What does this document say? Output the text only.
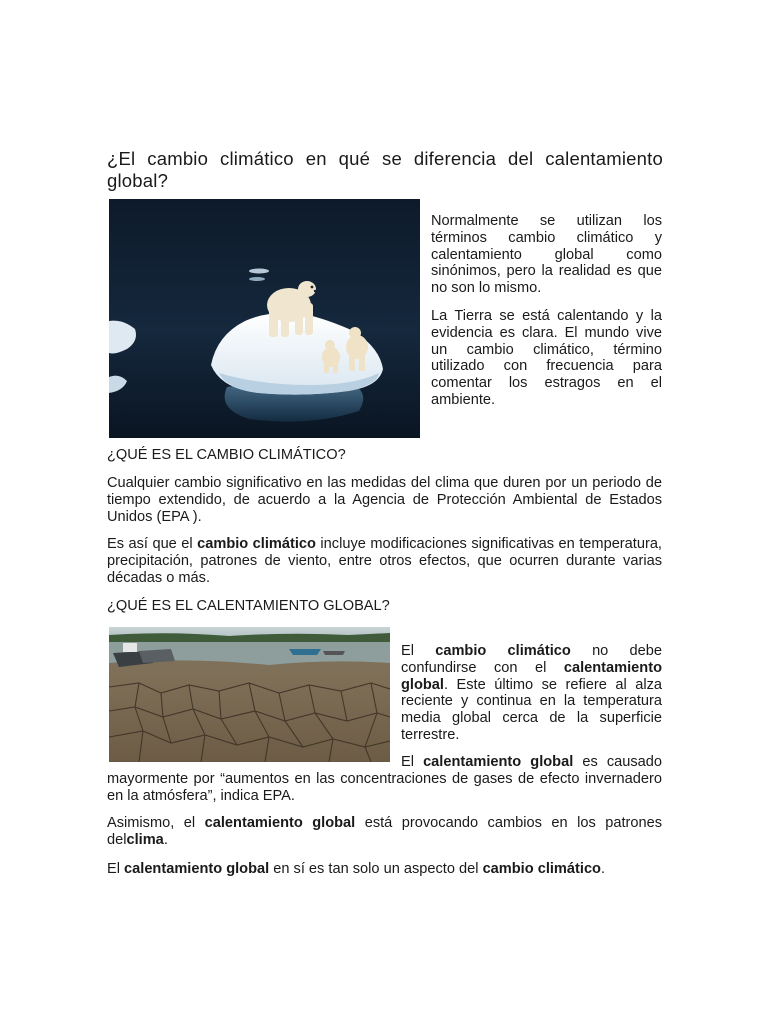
¿El cambio climático en qué se diferencia del calentamiento global?

Normalmente se utilizan los términos cambio climático y calentamiento global como sinónimos, pero la realidad es que no son lo mismo.

La Tierra se está calentando y la evidencia es clara. El mundo vive un cambio climático, término utilizado con frecuencia para comentar los estragos en el ambiente.

¿QUÉ ES EL CAMBIO CLIMÁTICO?

Cualquier cambio significativo en las medidas del clima que duren por un periodo de tiempo extendido, de acuerdo a la Agencia de Protección Ambiental de Estados Unidos (EPA ).

Es así que el cambio climático incluye modificaciones significativas en temperatura, precipitación, patrones de viento, entre otros efectos, que ocurren durante varias décadas o más.

¿QUÉ ES EL CALENTAMIENTO GLOBAL?

El cambio climático no debe confundirse con el calentamiento global. Este último se refiere al alza reciente y continua en la temperatura media global cerca de la superficie terrestre.

El calentamiento global es causado mayormente por “aumentos en las concentraciones de gases de efecto invernadero en la atmósfera”, indica EPA.

Asimismo, el calentamiento global está provocando cambios en los patrones delclima.

El calentamiento global en sí es tan solo un aspecto del cambio climático.
